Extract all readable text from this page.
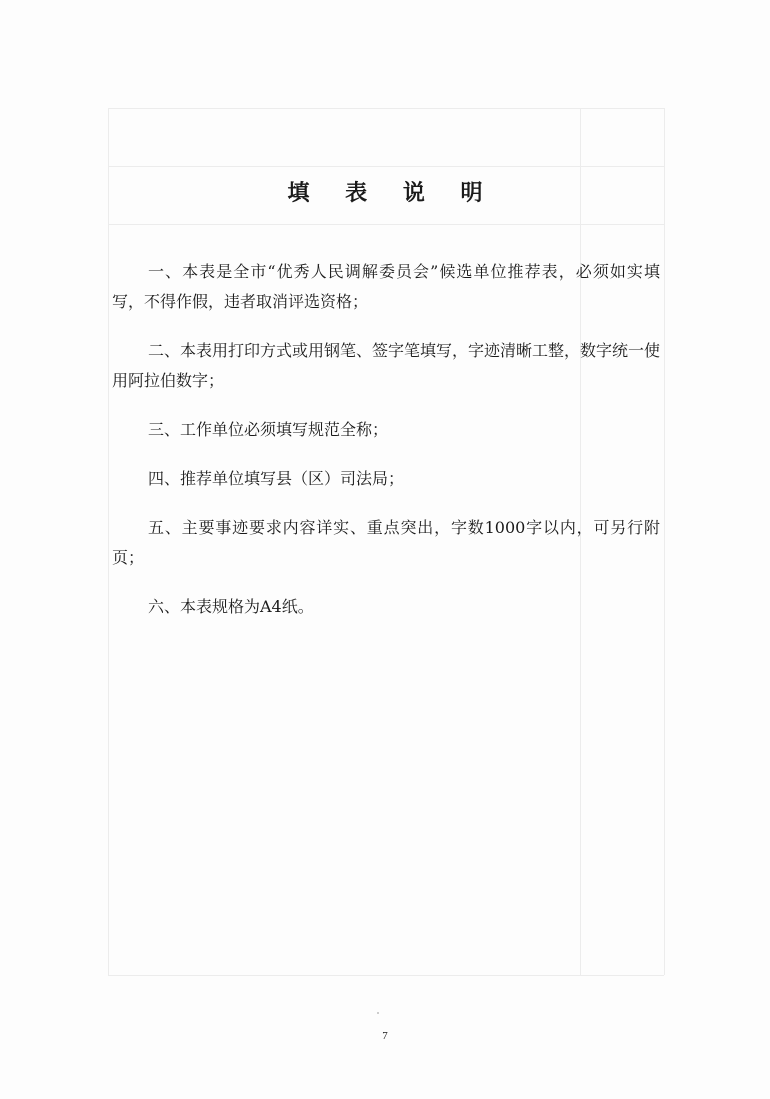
填 表 说 明

一、本表是全市“优秀人民调解委员会”候选单位推荐表，必须如实填写，不得作假，违者取消评选资格；

二、本表用打印方式或用钢笔、签字笔填写，字迹清晰工整，数字统一使用阿拉伯数字；

三、工作单位必须填写规范全称；

四、推荐单位填写县（区）司法局；

五、主要事迹要求内容详实、重点突出，字数1000字以内，可另行附页；

六、本表规格为A4纸。

7
